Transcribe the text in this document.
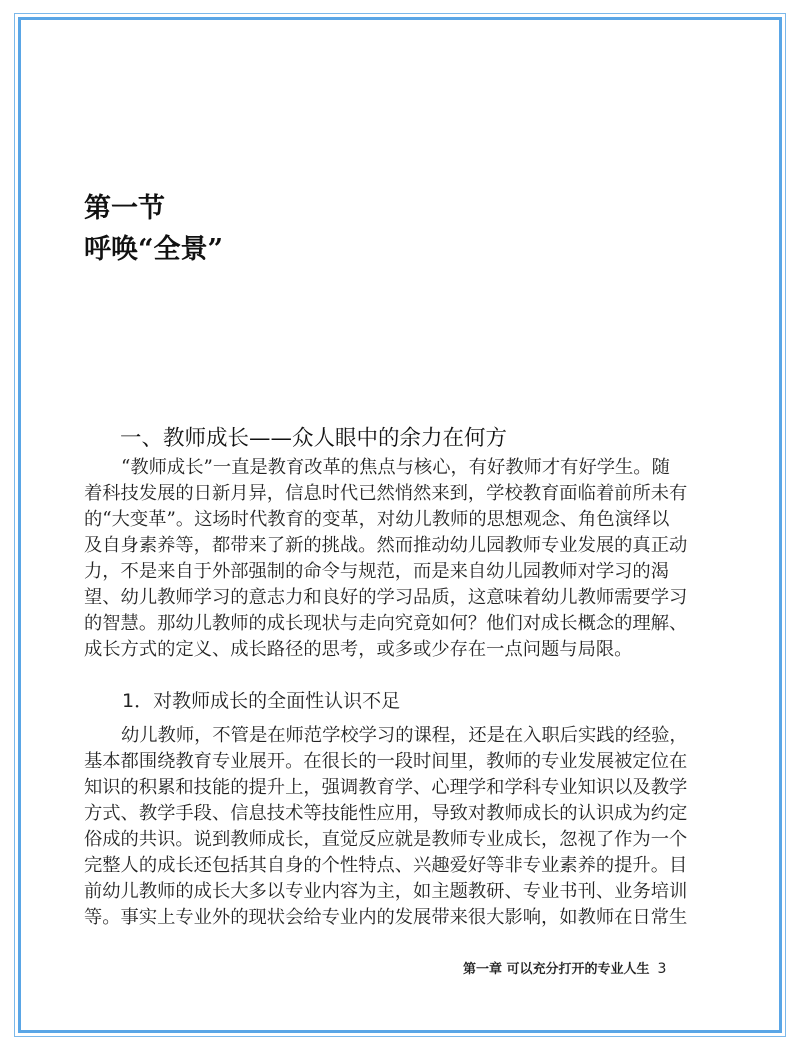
第一节
呼唤“全景”
一、教师成长——众人眼中的余力在何方
“教师成长”一直是教育改革的焦点与核心，有好教师才有好学生。随
着科技发展的日新月异，信息时代已然悄然来到，学校教育面临着前所未有
的“大变革”。这场时代教育的变革，对幼儿教师的思想观念、角色演绎以
及自身素养等，都带来了新的挑战。然而推动幼儿园教师专业发展的真正动
力，不是来自于外部强制的命令与规范，而是来自幼儿园教师对学习的渴
望、幼儿教师学习的意志力和良好的学习品质，这意味着幼儿教师需要学习
的智慧。那幼儿教师的成长现状与走向究竟如何？他们对成长概念的理解、
成长方式的定义、成长路径的思考，或多或少存在一点问题与局限。
1．对教师成长的全面性认识不足
幼儿教师，不管是在师范学校学习的课程，还是在入职后实践的经验，
基本都围绕教育专业展开。在很长的一段时间里，教师的专业发展被定位在
知识的积累和技能的提升上，强调教育学、心理学和学科专业知识以及教学
方式、教学手段、信息技术等技能性应用，导致对教师成长的认识成为约定
俗成的共识。说到教师成长，直觉反应就是教师专业成长，忽视了作为一个
完整人的成长还包括其自身的个性特点、兴趣爱好等非专业素养的提升。目
前幼儿教师的成长大多以专业内容为主，如主题教研、专业书刊、业务培训
等。事实上专业外的现状会给专业内的发展带来很大影响，如教师在日常生
第一章 可以充分打开的专业人生 3
